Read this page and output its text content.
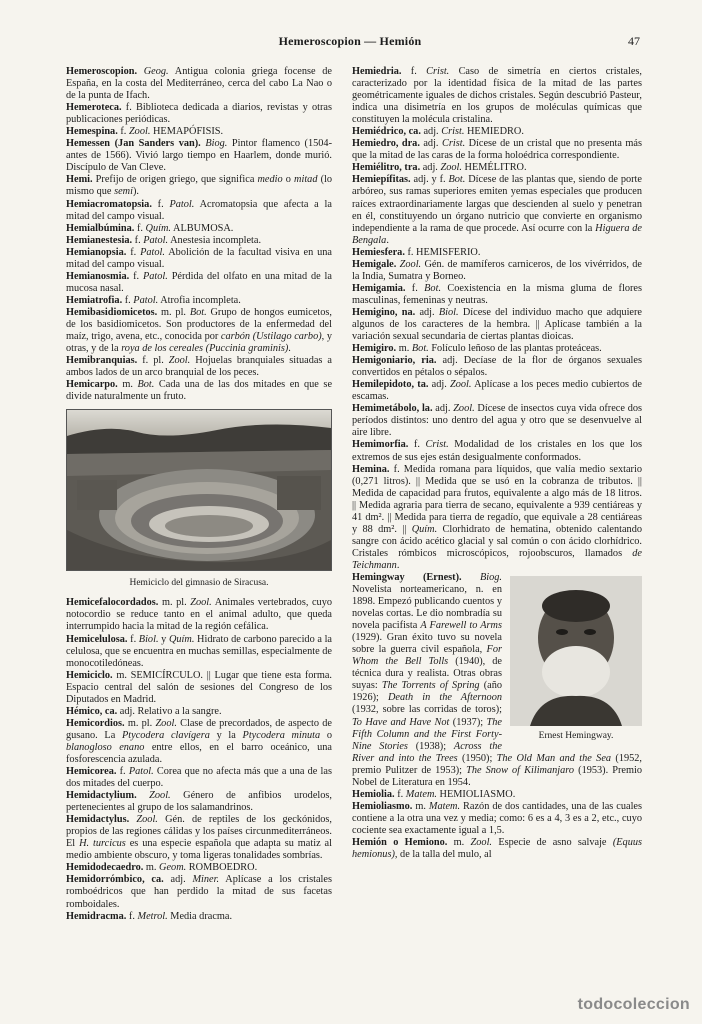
Hemeroscopion — Hemión	47

Hemeroscopion. Geog. Antigua colonia griega focense de España, en la costa del Mediterráneo, cerca del cabo La Nao o de la punta de Ifach.

Hemeroteca. f. Biblioteca dedicada a diarios, revistas y otras publicaciones periódicas.

Hemespina. f. Zool. HEMAPÓFISIS.

Hemessen (Jan Sanders van). Biog. Pintor flamenco (1504-antes de 1566). Vivió largo tiempo en Haarlem, donde murió. Discípulo de Van Cleve.

Hemi. Prefijo de origen griego, que significa medio o mitad (lo mismo que semi).

Hemiacromatopsia. f. Patol. Acromatopsia que afecta a la mitad del campo visual.

Hemialbúmina. f. Quím. ALBUMOSA.

Hemianestesia. f. Patol. Anestesia incompleta.

Hemianopsia. f. Patol. Abolición de la facultad visiva en una mitad del campo visual.

Hemianosmia. f. Patol. Pérdida del olfato en una mitad de la mucosa nasal.

Hemiatrofia. f. Patol. Atrofia incompleta.

Hemibasidiomicetos. m. pl. Bot. Grupo de hongos eumicetos, de los basidiomicetos. Son productores de la enfermedad del maíz, trigo, avena, etc., conocida por carbón (Ustilago carbo), y otras, y de la roya de los cereales (Puccinia graminis).

Hemibranquias. f. pl. Zool. Hojuelas branquiales situadas a ambos lados de un arco branquial de los peces.

Hemicarpo. m. Bot. Cada una de las dos mitades en que se divide naturalmente un fruto.

Hemiciclo del gimnasio de Siracusa.

Hemicefalocordados. m. pl. Zool. Animales vertebrados, cuyo notocordio se reduce tanto en el animal adulto, que queda interrumpido hacia la mitad de la región cefálica.

Hemicelulosa. f. Biol. y Quím. Hidrato de carbono parecido a la celulosa, que se encuentra en muchas semillas, especialmente de monocotiledóneas.

Hemiciclo. m. SEMICÍRCULO. || Lugar que tiene esta forma. Espacio central del salón de sesiones del Congreso de los Diputados en Madrid.

Hémico, ca. adj. Relativo a la sangre.

Hemicordios. m. pl. Zool. Clase de precordados, de aspecto de gusano. La Ptycodera clavígera y la Ptycodera minuta o blanogloso enano entre ellos, en el barro oceánico, una fosforescencia azulada.

Hemicorea. f. Patol. Corea que no afecta más que a una de las dos mitades del cuerpo.

Hemidactylium. Zool. Género de anfibios urodelos, pertenecientes al grupo de los salamandrinos.

Hemidactylus. Zool. Gén. de reptiles de los geckónidos, propios de las regiones cálidas y los países circunmediterráneos. El H. turcicus es una especie española que adapta su matiz al medio ambiente obscuro, y toma ligeras tonalidades sombrías.

Hemidodecaedro. m. Geom. ROMBOEDRO.

Hemidorrómbico, ca. adj. Miner. Aplícase a los cristales romboédricos que han perdido la mitad de sus facetas romboidales.

Hemidracma. f. Metrol. Media dracma.

Hemiedria. f. Crist. Caso de simetría en ciertos cristales, caracterizado por la identidad física de la mitad de las partes geométricamente iguales de dichos cristales. Según descubrió Pasteur, indica una disimetría en los grupos de moléculas químicas que constituyen la molécula cristalina.

Hemiédrico, ca. adj. Crist. HEMIEDRO.

Hemiedro, dra. adj. Crist. Dícese de un cristal que no presenta más que la mitad de las caras de la forma holoédrica correspondiente.

Hemiélitro, tra. adj. Zool. HEMÉLITRO.

Hemiepífitas. adj. y f. Bot. Dícese de las plantas que, siendo de porte arbóreo, sus ramas superiores emiten yemas especiales que producen raíces extraordinariamente largas que descienden al suelo y penetran en él, constituyendo un órgano nutricio que convierte en organismo independiente a la rama de que procede. Así ocurre con la Higuera de Bengala.

Hemiesfera. f. HEMISFERIO.

Hemigale. Zool. Gén. de mamíferos carniceros, de los vivérridos, de la India, Sumatra y Borneo.

Hemigamia. f. Bot. Coexistencia en la misma gluma de flores masculinas, femeninas y neutras.

Hemigino, na. adj. Biol. Dícese del individuo macho que adquiere algunos de los caracteres de la hembra. || Aplícase también a la variación sexual secundaria de ciertas plantas dioicas.

Hemigiro. m. Bot. Folículo leñoso de las plantas proteáceas.

Hemigoniario, ria. adj. Decíase de la flor de órganos sexuales convertidos en pétalos o sépalos.

Hemilepidoto, ta. adj. Zool. Aplícase a los peces medio cubiertos de escamas.

Hemimetábolo, la. adj. Zool. Dícese de insectos cuya vida ofrece dos períodos distintos: uno dentro del agua y otro que se desenvuelve al aire libre.

Hemimorfia. f. Crist. Modalidad de los cristales en los que los extremos de sus ejes están desigualmente conformados.

Hemina. f. Medida romana para líquidos, que valía medio sextario (0,271 litros). || Medida que se usó en la cobranza de tributos. || Medida de capacidad para frutos, equivalente a algo más de 18 litros. || Medida agraria para tierra de secano, equivalente a 939 centiáreas y 41 dm². || Medida para tierra de regadío, que equivale a 28 centiáreas y 88 dm². || Quím. Clorhidrato de hematina, obtenido calentando sangre con ácido acético glacial y sal común o con ácido clorhídrico. Cristales rómbicos microscópicos, rojoobscuros, llamados de Teichmann.

Ernest Hemingway.

Hemingway (Ernest). Biog. Novelista norteamericano, n. en 1898. Empezó publicando cuentos y novelas cortas. Le dio nombradía su novela pacifista A Farewell to Arms (1929). Gran éxito tuvo su novela sobre la guerra civil española, For Whom the Bell Tolls (1940), de técnica dura y realista. Otras obras suyas: The Torrents of Spring (año 1926); Death in the Afternoon (1932, sobre las corridas de toros); To Have and Have Not (1937); The Fifth Column and the First Forty-Nine Stories (1938); Across the River and into the Trees (1950); The Old Man and the Sea (1952, premio Pulitzer de 1953); The Snow of Kilimanjaro (1953). Premio Nobel de Literatura en 1954.

Hemiolia. f. Matem. HEMIOLIASMO.

Hemioliasmo. m. Matem. Razón de dos cantidades, una de las cuales contiene a la otra una vez y media; como: 6 es a 4, 3 es a 2, etc., cuyo cociente sea exactamente igual a 1,5.

Hemión o Hemiono. m. Zool. Especie de asno salvaje (Equus hemionus), de la talla del mulo, al

todocoleccion
